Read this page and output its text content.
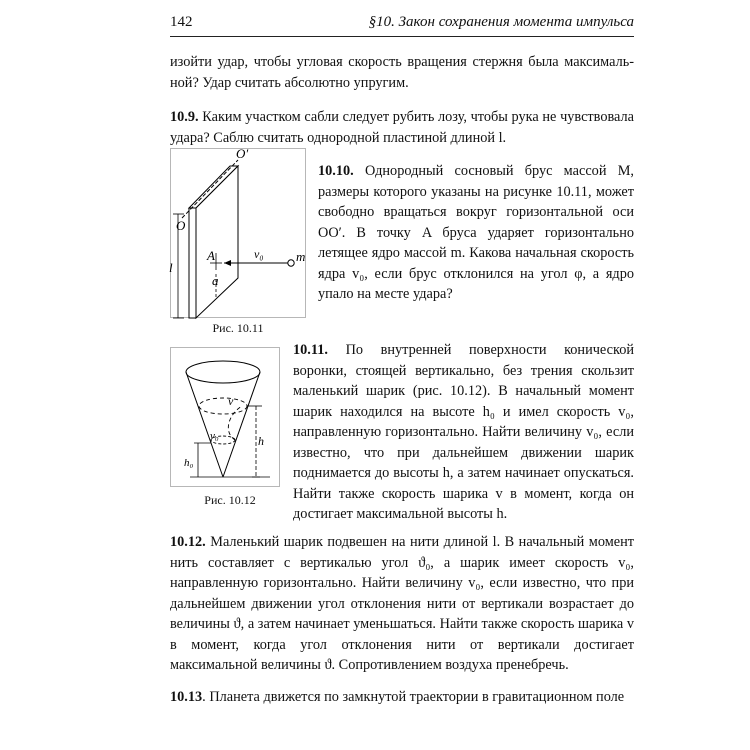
142	§10. Закон сохранения момента импульса

изойти удар, чтобы угловая скорость вращения стержня была максималь-ной? Удар считать абсолютно упругим.

10.9. Каким участком сабли следует рубить лозу, чтобы рука не чувствовала удара? Саблю считать однородной пластиной длиной l.

O′
O
l
A
a
v₀	m
Рис. 10.11

10.10. Однородный сосновый брус массой M, размеры которого указаны на рисунке 10.11, может свободно вращаться вокруг горизонтальной оси OO′. В точку A бруса ударяет горизонтально летящее ядро массой m. Какова начальная скорость ядра v₀, если брус отклонился на угол φ, а ядро упало на месте удара?

v
v₀	h
h₀
Рис. 10.12

10.11. По внутренней поверхности конической воронки, стоящей вертикально, без трения скользит маленький шарик (рис. 10.12). В начальный момент шарик находился на высоте h₀ и имел скорость v₀, направленную горизонтально. Найти величину v₀, если известно, что при дальнейшем движении шарик поднимается до высоты h, а затем начинает опускаться. Найти также скорость шарика v в момент, когда он достигает максимальной высоты h.

10.12. Маленький шарик подвешен на нити длиной l. В начальный момент нить составляет с вертикалью угол ϑ₀, а шарик имеет скорость v₀, направленную горизонтально. Найти величину v₀, если известно, что при дальнейшем движении угол отклонения нити от вертикали возрастает до величины ϑ, а затем начинает уменьшаться. Найти также скорость шарика v в момент, когда угол отклонения нити от вертикали достигает максимальной величины ϑ. Сопротивлением воздуха пренебречь.

10.13. Планета движется по замкнутой траектории в гравитационном поле
